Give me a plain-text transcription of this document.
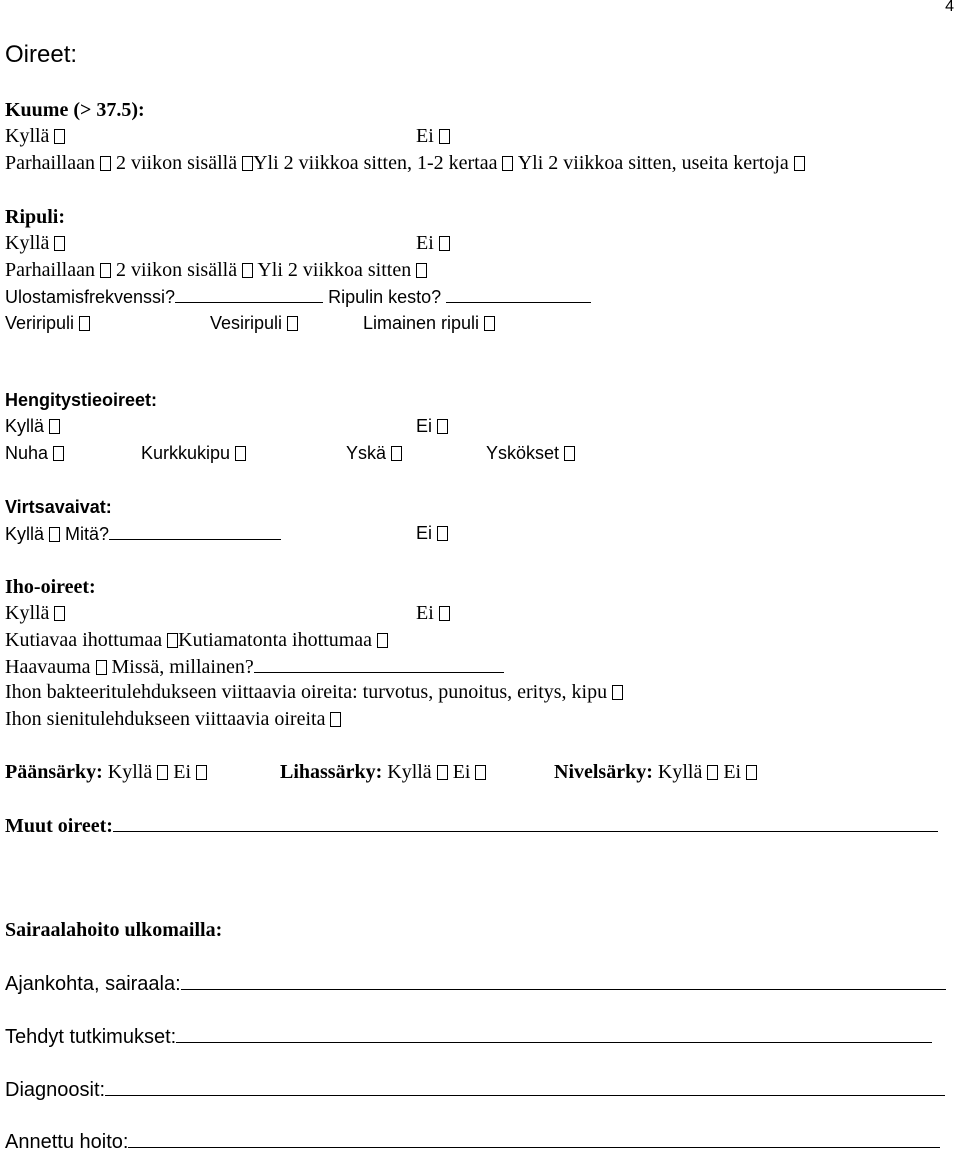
4
Oireet:
Kuume (> 37.5):
Kyllä	Ei
Parhaillaan 2 viikon sisällä Yli 2 viikkoa sitten, 1-2 kertaa Yli 2 viikkoa sitten, useita kertoja
Ripuli:
Kyllä	Ei
Parhaillaan 2 viikon sisällä Yli 2 viikkoa sitten
Ulostamisfrekvenssi?	Ripulin kesto?
Veriripuli	Vesiripuli	Limainen ripuli
Hengitystieoireet:
Kyllä	Ei
Nuha	Kurkkukipu	Yskä	Yskökset
Virtsavaivat:
Kyllä Mitä?	Ei
Iho-oireet:
Kyllä	Ei
Kutiavaa ihottumaa Kutiamatonta ihottumaa
Haavauma Missä, millainen?
Ihon bakteeritulehdukseen viittaavia oireita: turvotus, punoitus, eritys, kipu
Ihon sienitulehdukseen viittaavia oireita
Päänsärky: Kyllä Ei	Lihassärky: Kyllä Ei	Nivelsärky: Kyllä Ei
Muut oireet:
Sairaalahoito ulkomailla:
Ajankohta, sairaala:
Tehdyt tutkimukset:
Diagnoosit:
Annettu hoito:
